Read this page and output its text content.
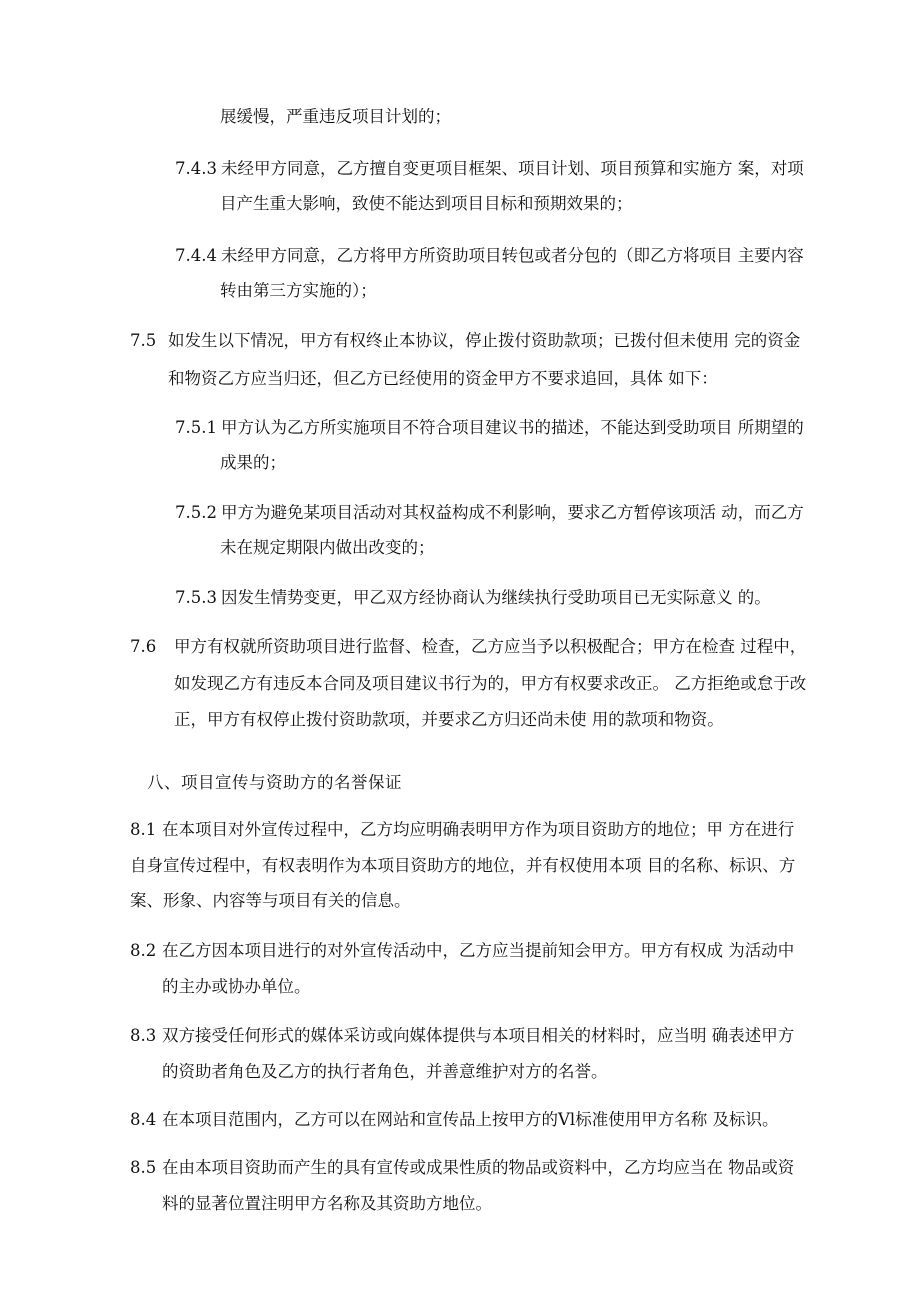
展缓慢，严重违反项目计划的；
7.4.3 未经甲方同意，乙方擅自变更项目框架、项目计划、项目预算和实施方 案，对项
目产生重大影响，致使不能达到项目目标和预期效果的；
7.4.4 未经甲方同意，乙方将甲方所资助项目转包或者分包的（即乙方将项目 主要内容
转由第三方实施的）；
7.5 如发生以下情况，甲方有权终止本协议，停止拨付资助款项；已拨付但未使用 完的资金
和物资乙方应当归还，但乙方已经使用的资金甲方不要求追回，具体 如下：
7.5.1 甲方认为乙方所实施项目不符合项目建议书的描述，不能达到受助项目 所期望的
成果的；
7.5.2 甲方为避免某项目活动对其权益构成不利影响，要求乙方暂停该项活 动，而乙方
未在规定期限内做出改变的；
7.5.3 因发生情势变更，甲乙双方经协商认为继续执行受助项目已无实际意义 的。
7.6 甲方有权就所资助项目进行监督、检查，乙方应当予以积极配合；甲方在检查 过程中，
如发现乙方有违反本合同及项目建议书行为的，甲方有权要求改正。 乙方拒绝或怠于改
正，甲方有权停止拨付资助款项，并要求乙方归还尚未使 用的款项和物资。
八、项目宣传与资助方的名誉保证
8.1 在本项目对外宣传过程中，乙方均应明确表明甲方作为项目资助方的地位；甲 方在进行
自身宣传过程中，有权表明作为本项目资助方的地位，并有权使用本项 目的名称、标识、方
案、形象、内容等与项目有关的信息。
8.2 在乙方因本项目进行的对外宣传活动中，乙方应当提前知会甲方。甲方有权成 为活动中
的主办或协办单位。
8.3 双方接受任何形式的媒体采访或向媒体提供与本项目相关的材料时，应当明 确表述甲方
的资助者角色及乙方的执行者角色，并善意维护对方的名誉。
8.4 在本项目范围内，乙方可以在网站和宣传品上按甲方的Vl标准使用甲方名称 及标识。
8.5 在由本项目资助而产生的具有宣传或成果性质的物品或资料中，乙方均应当在 物品或资
料的显著位置注明甲方名称及其资助方地位。
